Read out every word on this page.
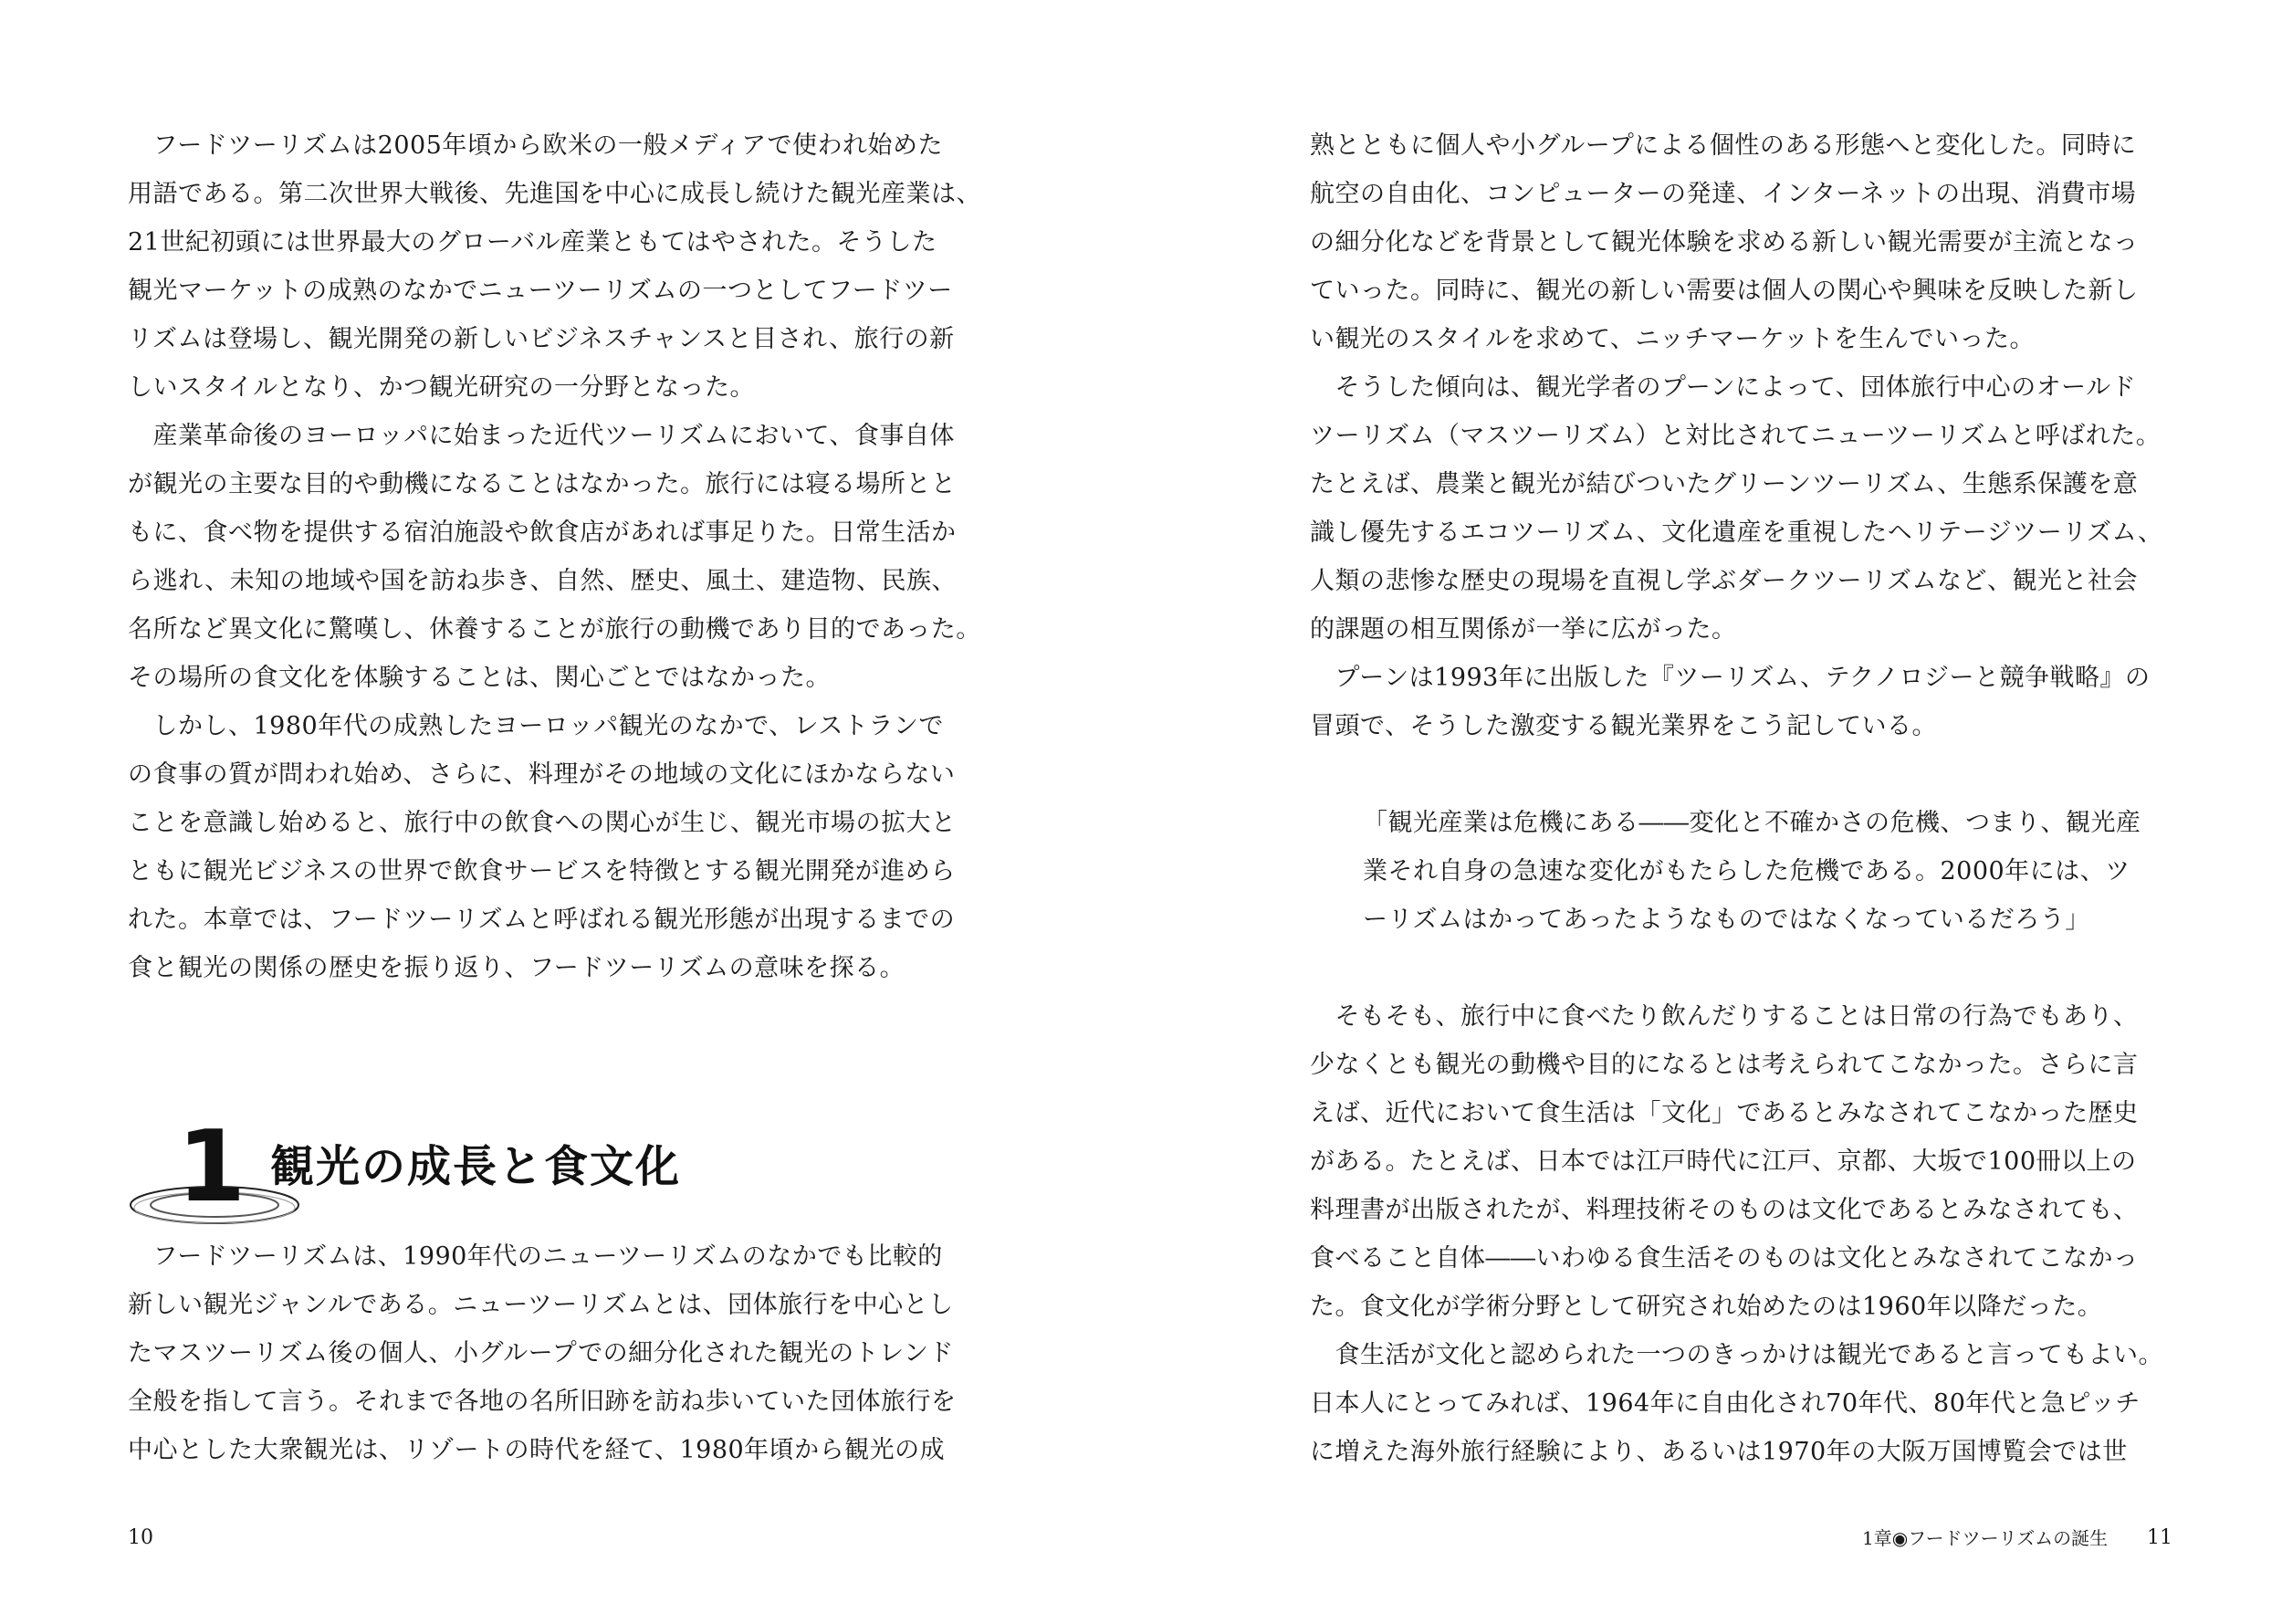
　フードツーリズムは2005年頃から欧米の一般メディアで使われ始めた
用語である。第二次世界大戦後、先進国を中心に成長し続けた観光産業は、
21世紀初頭には世界最大のグローバル産業ともてはやされた。そうした
観光マーケットの成熟のなかでニューツーリズムの一つとしてフードツー
リズムは登場し、観光開発の新しいビジネスチャンスと目され、旅行の新
しいスタイルとなり、かつ観光研究の一分野となった。
　産業革命後のヨーロッパに始まった近代ツーリズムにおいて、食事自体
が観光の主要な目的や動機になることはなかった。旅行には寝る場所とと
もに、食べ物を提供する宿泊施設や飲食店があれば事足りた。日常生活か
ら逃れ、未知の地域や国を訪ね歩き、自然、歴史、風土、建造物、民族、
名所など異文化に驚嘆し、休養することが旅行の動機であり目的であった。
その場所の食文化を体験することは、関心ごとではなかった。
　しかし、1980年代の成熟したヨーロッパ観光のなかで、レストランで
の食事の質が問われ始め、さらに、料理がその地域の文化にほかならない
ことを意識し始めると、旅行中の飲食への関心が生じ、観光市場の拡大と
ともに観光ビジネスの世界で飲食サービスを特徴とする観光開発が進めら
れた。本章では、フードツーリズムと呼ばれる観光形態が出現するまでの
食と観光の関係の歴史を振り返り、フードツーリズムの意味を探る。
1 観光の成長と食文化
　フードツーリズムは、1990年代のニューツーリズムのなかでも比較的
新しい観光ジャンルである。ニューツーリズムとは、団体旅行を中心とし
たマスツーリズム後の個人、小グループでの細分化された観光のトレンド
全般を指して言う。それまで各地の名所旧跡を訪ね歩いていた団体旅行を
中心とした大衆観光は、リゾートの時代を経て、1980年頃から観光の成
10
熟とともに個人や小グループによる個性のある形態へと変化した。同時に
航空の自由化、コンピューターの発達、インターネットの出現、消費市場
の細分化などを背景として観光体験を求める新しい観光需要が主流となっ
ていった。同時に、観光の新しい需要は個人の関心や興味を反映した新し
い観光のスタイルを求めて、ニッチマーケットを生んでいった。
　そうした傾向は、観光学者のプーンによって、団体旅行中心のオールド
ツーリズム（マスツーリズム）と対比されてニューツーリズムと呼ばれた。
たとえば、農業と観光が結びついたグリーンツーリズム、生態系保護を意
識し優先するエコツーリズム、文化遺産を重視したヘリテージツーリズム、
人類の悲惨な歴史の現場を直視し学ぶダークツーリズムなど、観光と社会
的課題の相互関係が一挙に広がった。
　プーンは1993年に出版した『ツーリズム、テクノロジーと競争戦略』の
冒頭で、そうした激変する観光業界をこう記している。
「観光産業は危機にある――変化と不確かさの危機、つまり、観光産
業それ自身の急速な変化がもたらした危機である。2000年には、ツ
ーリズムはかってあったようなものではなくなっているだろう」
　そもそも、旅行中に食べたり飲んだりすることは日常の行為でもあり、
少なくとも観光の動機や目的になるとは考えられてこなかった。さらに言
えば、近代において食生活は「文化」であるとみなされてこなかった歴史
がある。たとえば、日本では江戸時代に江戸、京都、大坂で100冊以上の
料理書が出版されたが、料理技術そのものは文化であるとみなされても、
食べること自体――いわゆる食生活そのものは文化とみなされてこなかっ
た。食文化が学術分野として研究され始めたのは1960年以降だった。
　食生活が文化と認められた一つのきっかけは観光であると言ってもよい。
日本人にとってみれば、1964年に自由化され70年代、80年代と急ピッチ
に増えた海外旅行経験により、あるいは1970年の大阪万国博覧会では世
1章◉フードツーリズムの誕生 11
